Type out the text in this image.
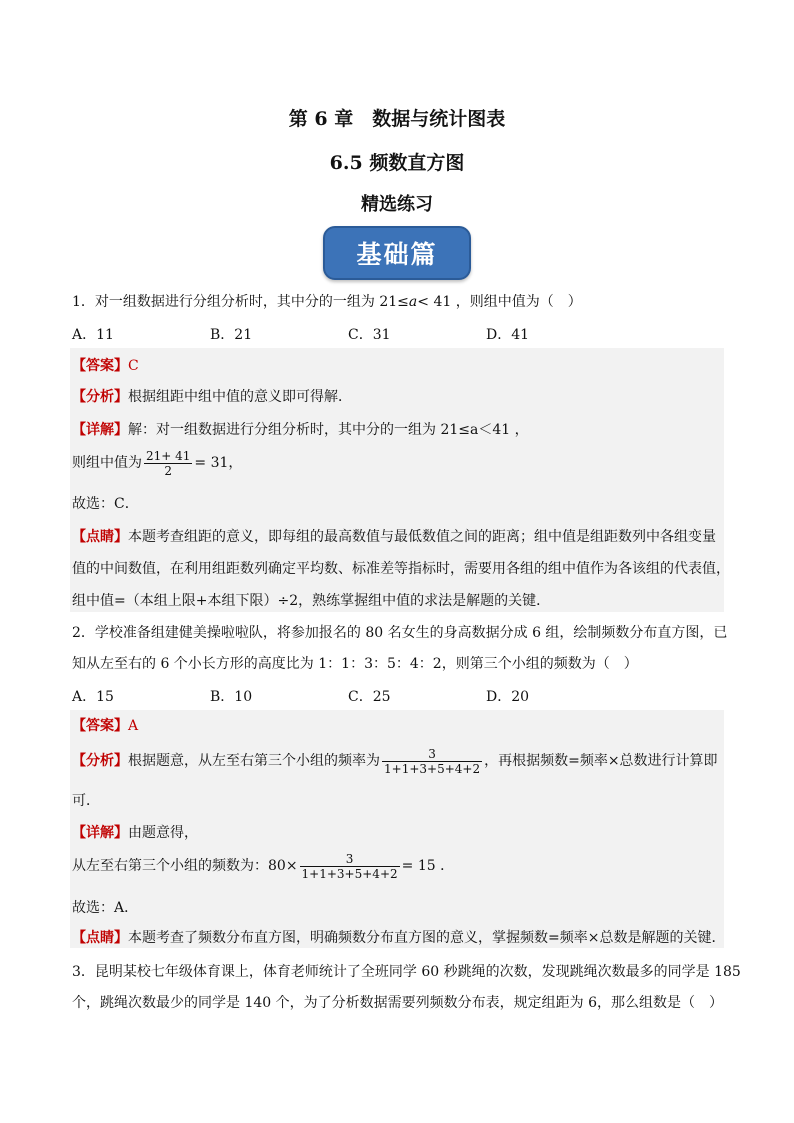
第 6 章　数据与统计图表
6.5 频数直方图
精选练习
基础篇
1．对一组数据进行分组分析时，其中分的一组为 21≤a< 41 ，则组中值为（　）
A．11	B．21	C．31	D．41
【答案】C
【分析】根据组距中组中值的意义即可得解．
【详解】解：对一组数据进行分组分析时，其中分的一组为 21≤a＜41 ，
则组中值为 $\frac{21+ 41}{2} = 31$，
故选：C．
【点睛】本题考查组距的意义，即每组的最高数值与最低数值之间的距离；组中值是组距数列中各组变量
值的中间数值，在利用组距数列确定平均数、标准差等指标时，需要用各组的组中值作为各该组的代表值，
组中值=（本组上限+本组下限）÷2，熟练掌握组中值的求法是解题的关键．
2．学校准备组建健美操啦啦队，将参加报名的 80 名女生的身高数据分成 6 组，绘制频数分布直方图，已
知从左至右的 6 个小长方形的高度比为 1：1：3：5：4：2，则第三个小组的频数为（　）
A．15	B．10	C．25	D．20
【答案】A
【分析】根据题意，从左至右第三个小组的频率为 $\frac{3}{1+1+3+5+4+2}$ ，再根据频数=频率×总数进行计算即
可．
【详解】由题意得，
从左至右第三个小组的频数为：$80\times \frac{3}{1+1+3+5+4+2} = 15$ ．
故选：A．
【点睛】本题考查了频数分布直方图，明确频数分布直方图的意义，掌握频数=频率×总数是解题的关键．
3．昆明某校七年级体育课上，体育老师统计了全班同学 60 秒跳绳的次数，发现跳绳次数最多的同学是 185
个，跳绳次数最少的同学是 140 个，为了分析数据需要列频数分布表，规定组距为 6，那么组数是（　）
